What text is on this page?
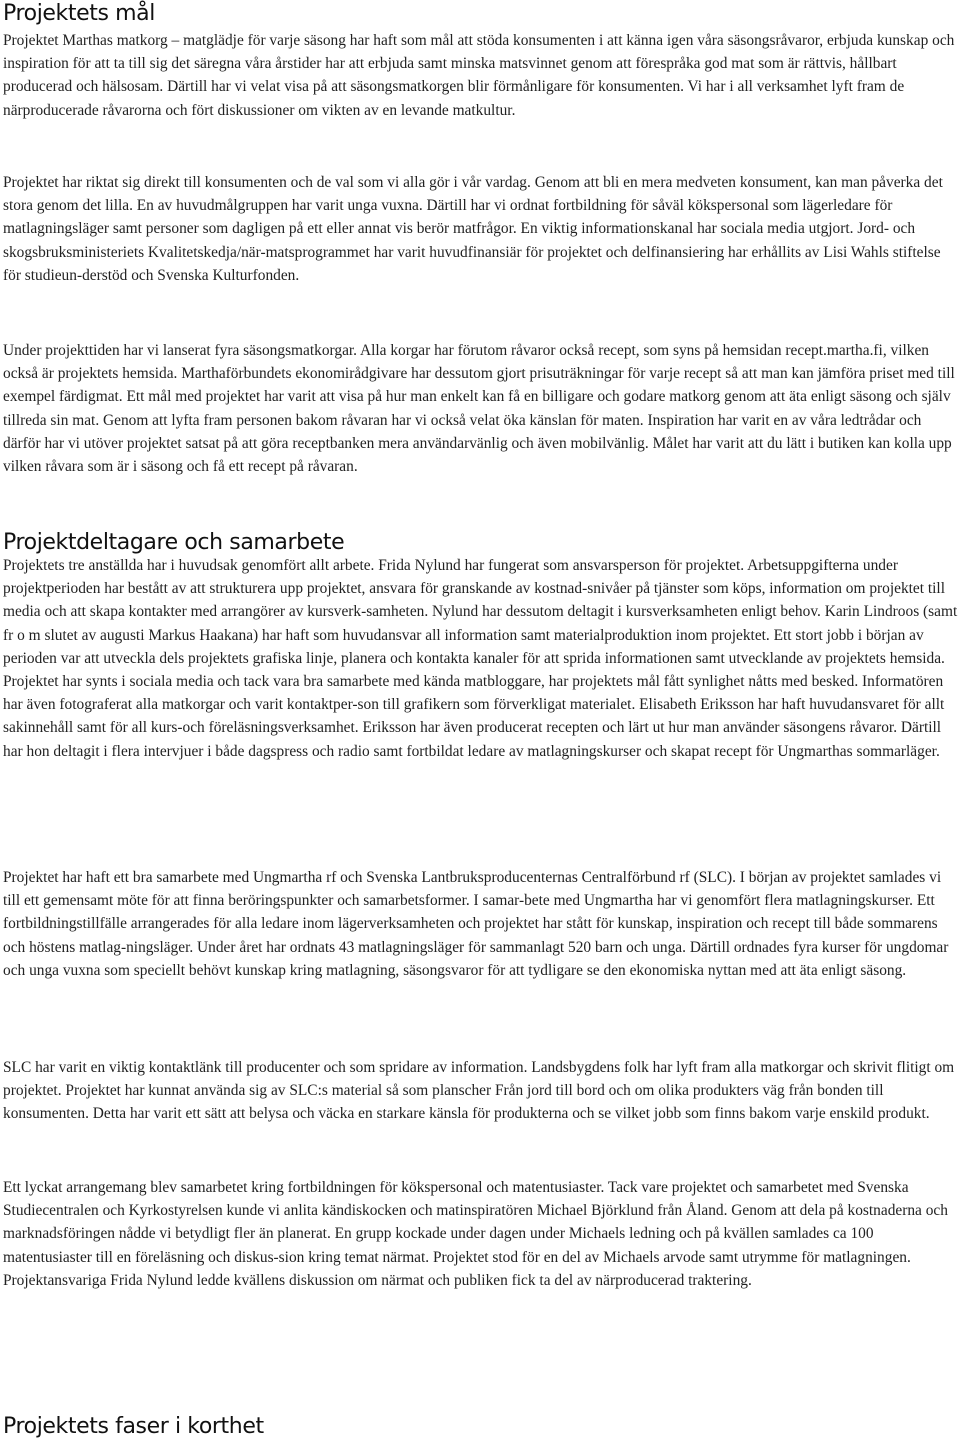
Projektets mål

Projektet Marthas matkorg – matglädje för varje säsong har haft som mål att stöda konsumenten i att känna igen våra säsongsråvaror, erbjuda kunskap och inspiration för att ta till sig det säregna våra årstider har att erbjuda samt minska matsvinnet genom att förespråka god mat som är rättvis, hållbart producerad och hälsosam. Därtill har vi velat visa på att säsongsmatkorgen blir förmånligare för konsumenten. Vi har i all verksamhet lyft fram de närproducerade råvarorna och fört diskussioner om vikten av en levande matkultur.

Projektet har riktat sig direkt till konsumenten och de val som vi alla gör i vår vardag. Genom att bli en mera medveten konsument, kan man påverka det stora genom det lilla. En av huvudmålgruppen har varit unga vuxna. Därtill har vi ordnat fortbildning för såväl kökspersonal som lägerledare för matlagningsläger samt personer som dagligen på ett eller annat vis berör matfrågor. En viktig informationskanal har sociala media utgjort. Jord- och skogsbruksministeriets Kvalitetskedja/när-matsprogrammet har varit huvudfinansiär för projektet och delfinansiering har erhållits av Lisi Wahls stiftelse för studieun-derstöd och Svenska Kulturfonden.

Under projekttiden har vi lanserat fyra säsongsmatkorgar. Alla korgar har förutom råvaror också recept, som syns på hemsidan recept.martha.fi, vilken också är projektets hemsida. Marthaförbundets ekonomirådgivare har dessutom gjort prisuträkningar för varje recept så att man kan jämföra priset med till exempel färdigmat. Ett mål med projektet har varit att visa på hur man enkelt kan få en billigare och godare matkorg genom att äta enligt säsong och själv tillreda sin mat. Genom att lyfta fram personen bakom råvaran har vi också velat öka känslan för maten. Inspiration har varit en av våra ledtrådar och därför har vi utöver projektet satsat på att göra receptbanken mera användarvänlig och även mobilvänlig. Målet har varit att du lätt i butiken kan kolla upp vilken råvara som är i säsong och få ett recept på råvaran.

Projektdeltagare och samarbete

Projektets tre anställda har i huvudsak genomfört allt arbete. Frida Nylund har fungerat som ansvarsperson för projektet. Arbetsuppgifterna under projektperioden har bestått av att strukturera upp projektet, ansvara för granskande av kostnad-snivåer på tjänster som köps, information om projektet till media och att skapa kontakter med arrangörer av kursverk-samheten. Nylund har dessutom deltagit i kursverksamheten enligt behov. Karin Lindroos (samt fr o m slutet av augusti Markus Haakana) har haft som huvudansvar all information samt materialproduktion inom projektet. Ett stort jobb i början av perioden var att utveckla dels projektets grafiska linje, planera och kontakta kanaler för att sprida informationen samt utvecklande av projektets hemsida. Projektet har synts i sociala media och tack vara bra samarbete med kända matbloggare, har projektets mål fått synlighet nåtts med besked. Informatören har även fotograferat alla matkorgar och varit kontaktper-son till grafikern som förverkligat materialet. Elisabeth Eriksson har haft huvudansvaret för allt sakinnehåll samt för all kurs-och föreläsningsverksamhet. Eriksson har även producerat recepten och lärt ut hur man använder säsongens råvaror. Därtill har hon deltagit i flera intervjuer i både dagspress och radio samt fortbildat ledare av matlagningskurser och skapat recept för Ungmarthas sommarläger.

Projektet har haft ett bra samarbete med Ungmartha rf och Svenska Lantbruksproducenternas Centralförbund rf (SLC). I början av projektet samlades vi till ett gemensamt möte för att finna beröringspunkter och samarbetsformer. I samar-bete med Ungmartha har vi genomfört flera matlagningskurser. Ett fortbildningstillfälle arrangerades för alla ledare inom lägerverksamheten och projektet har stått för kunskap, inspiration och recept till både sommarens och höstens matlag-ningsläger. Under året har ordnats 43 matlagningsläger för sammanlagt 520 barn och unga. Därtill ordnades fyra kurser för ungdomar och unga vuxna som speciellt behövt kunskap kring matlagning, säsongsvaror för att tydligare se den ekonomiska nyttan med att äta enligt säsong.

SLC har varit en viktig kontaktlänk till producenter och som spridare av information. Landsbygdens folk har lyft fram alla matkorgar och skrivit flitigt om projektet. Projektet har kunnat använda sig av SLC:s material så som planscher Från jord till bord och om olika produkters väg från bonden till konsumenten. Detta har varit ett sätt att belysa och väcka en starkare känsla för produkterna och se vilket jobb som finns bakom varje enskild produkt.

Ett lyckat arrangemang blev samarbetet kring fortbildningen för kökspersonal och matentusiaster. Tack vare projektet och samarbetet med Svenska Studiecentralen och Kyrkostyrelsen kunde vi anlita kändiskocken och matinspiratören Michael Björklund från Åland. Genom att dela på kostnaderna och marknadsföringen nådde vi betydligt fler än planerat. En grupp kockade under dagen under Michaels ledning och på kvällen samlades ca 100 matentusiaster till en föreläsning och diskus-sion kring temat närmat. Projektet stod för en del av Michaels arvode samt utrymme för matlagningen. Projektansvariga Frida Nylund ledde kvällens diskussion om närmat och publiken fick ta del av närproducerad traktering.

Projektets faser i korthet
